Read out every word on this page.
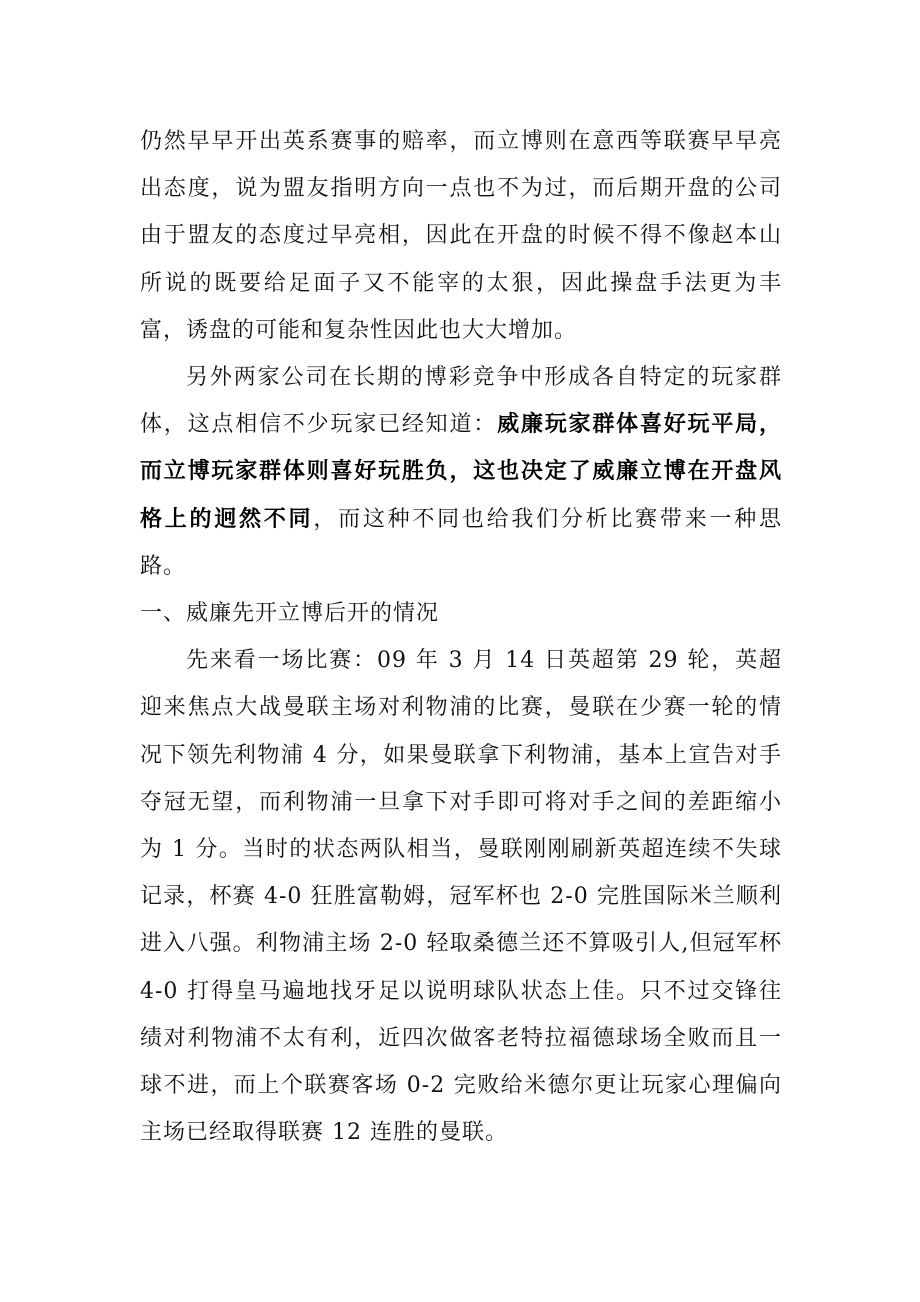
仍然早早开出英系赛事的赔率，而立博则在意西等联赛早早亮出态度，说为盟友指明方向一点也不为过，而后期开盘的公司由于盟友的态度过早亮相，因此在开盘的时候不得不像赵本山所说的既要给足面子又不能宰的太狠，因此操盘手法更为丰富，诱盘的可能和复杂性因此也大大增加。

另外两家公司在长期的博彩竞争中形成各自特定的玩家群体，这点相信不少玩家已经知道：威廉玩家群体喜好玩平局，而立博玩家群体则喜好玩胜负，这也决定了威廉立博在开盘风格上的迥然不同，而这种不同也给我们分析比赛带来一种思路。

一、威廉先开立博后开的情况

先来看一场比赛：09 年 3 月 14 日英超第 29 轮，英超迎来焦点大战曼联主场对利物浦的比赛，曼联在少赛一轮的情况下领先利物浦 4 分，如果曼联拿下利物浦，基本上宣告对手夺冠无望，而利物浦一旦拿下对手即可将对手之间的差距缩小为 1 分。当时的状态两队相当，曼联刚刚刷新英超连续不失球记录，杯赛 4-0 狂胜富勒姆，冠军杯也 2-0 完胜国际米兰顺利进入八强。利物浦主场 2-0 轻取桑德兰还不算吸引人,但冠军杯 4-0 打得皇马遍地找牙足以说明球队状态上佳。只不过交锋往绩对利物浦不太有利，近四次做客老特拉福德球场全败而且一球不进，而上个联赛客场 0-2 完败给米德尔更让玩家心理偏向主场已经取得联赛 12 连胜的曼联。
